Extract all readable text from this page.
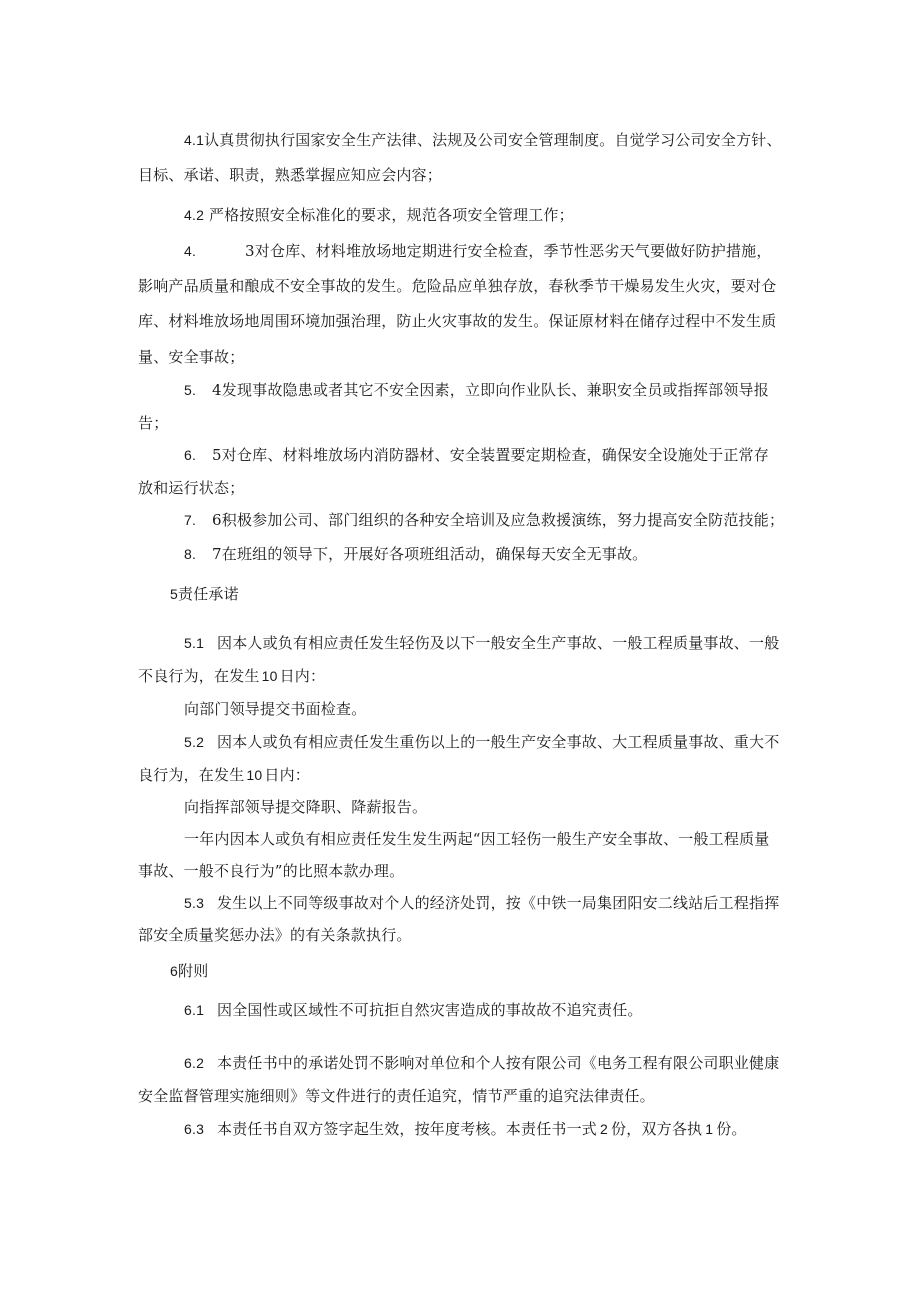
4.1认真贯彻执行国家安全生产法律、法规及公司安全管理制度。自觉学习公司安全方针、
目标、承诺、职责，熟悉掌握应知应会内容；
4.2 严格按照安全标准化的要求，规范各项安全管理工作；
4.	3对仓库、材料堆放场地定期进行安全检查，季节性恶劣天气要做好防护措施，
影响产品质量和酿成不安全事故的发生。危险品应单独存放，春秋季节干燥易发生火灾，要对仓
库、材料堆放场地周围环境加强治理，防止火灾事故的发生。保证原材料在储存过程中不发生质
量、安全事故；
5. 4发现事故隐患或者其它不安全因素，立即向作业队长、兼职安全员或指挥部领导报
告；
6. 5对仓库、材料堆放场内消防器材、安全装置要定期检查，确保安全设施处于正常存
放和运行状态；
7. 6积极参加公司、部门组织的各种安全培训及应急救援演练，努力提高安全防范技能；
8. 7在班组的领导下，开展好各项班组活动，确保每天安全无事故。
5责任承诺
5.1 因本人或负有相应责任发生轻伤及以下一般安全生产事故、一般工程质量事故、一般
不良行为，在发生 10 日内：
向部门领导提交书面检查。
5.2 因本人或负有相应责任发生重伤以上的一般生产安全事故、大工程质量事故、重大不
良行为，在发生 10 日内：
向指挥部领导提交降职、降薪报告。
一年内因本人或负有相应责任发生发生两起“因工轻伤一般生产安全事故、一般工程质量
事故、一般不良行为”的比照本款办理。
5.3 发生以上不同等级事故对个人的经济处罚，按《中铁一局集团阳安二线站后工程指挥
部安全质量奖惩办法》的有关条款执行。
6附则
6.1 因全国性或区域性不可抗拒自然灾害造成的事故故不追究责任。
6.2 本责任书中的承诺处罚不影响对单位和个人按有限公司《电务工程有限公司职业健康
安全监督管理实施细则》等文件进行的责任追究，情节严重的追究法律责任。
6.3 本责任书自双方签字起生效，按年度考核。本责任书一式 2 份，双方各执 1 份。
